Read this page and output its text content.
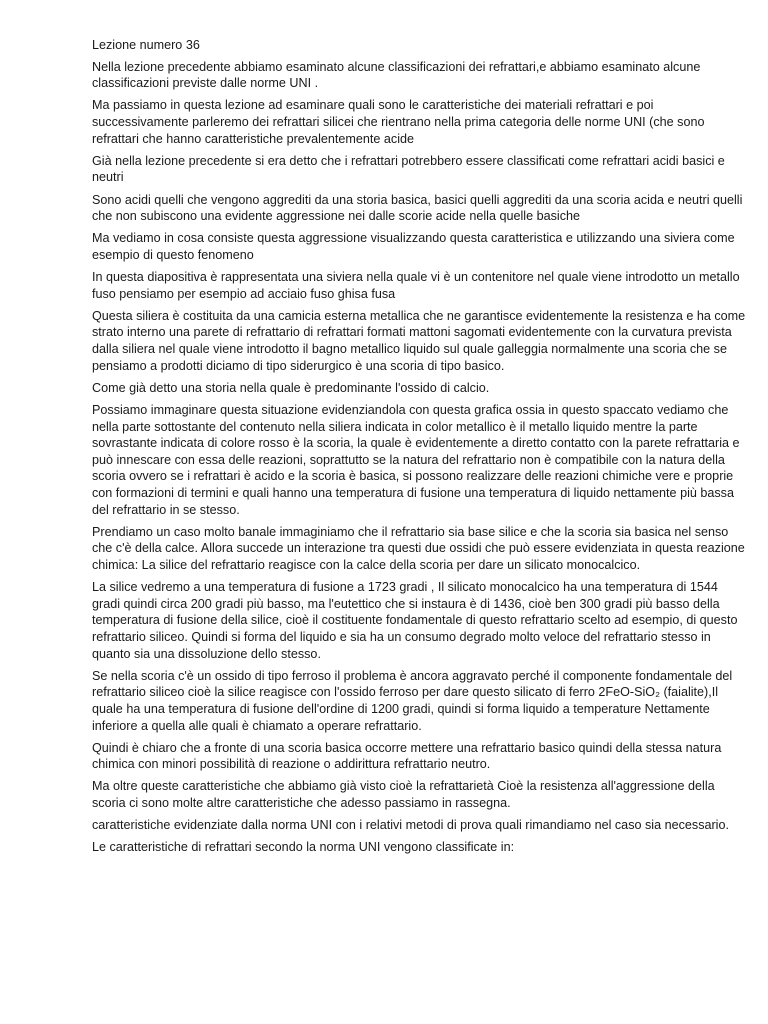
Lezione numero 36

Nella lezione precedente abbiamo esaminato alcune classificazioni dei refrattari,e abbiamo esaminato alcune classificazioni previste dalle norme UNI .

Ma passiamo in questa lezione ad esaminare quali sono le caratteristiche dei materiali refrattari e poi successivamente parleremo dei refrattari silicei che rientrano nella prima categoria delle norme UNI (che sono refrattari che hanno caratteristiche prevalentemente acide

Già nella lezione precedente si era detto che i refrattari potrebbero essere classificati come refrattari acidi basici e neutri

Sono acidi quelli che vengono aggrediti da una storia basica, basici quelli aggrediti da una scoria acida e neutri quelli che non subiscono una evidente aggressione nei dalle scorie acide nella quelle basiche

Ma vediamo in cosa consiste questa aggressione visualizzando questa caratteristica e utilizzando una siviera come esempio di questo fenomeno

In questa diapositiva è rappresentata una siviera nella quale vi è un contenitore nel quale viene introdotto un metallo fuso pensiamo per esempio ad acciaio fuso ghisa fusa

Questa siliera è costituita da una camicia esterna metallica che ne garantisce evidentemente la resistenza e ha come strato interno una parete di refrattario di refrattari formati mattoni sagomati evidentemente con la curvatura prevista dalla siliera nel quale viene introdotto il bagno metallico liquido sul quale galleggia normalmente una scoria che se pensiamo a prodotti diciamo di tipo siderurgico è una scoria di tipo basico.

Come già detto una storia nella quale è predominante l'ossido di calcio.

Possiamo immaginare questa situazione evidenziandola con questa grafica ossia in questo spaccato vediamo che nella parte sottostante del contenuto nella siliera indicata in color metallico è il metallo liquido mentre la parte sovrastante indicata di colore rosso è la scoria, la quale è evidentemente a diretto contatto con la parete refrattaria e può innescare con essa delle reazioni, soprattutto se la natura del refrattario non è compatibile con la natura della scoria ovvero se i refrattari è acido e la scoria è basica, si possono realizzare delle reazioni chimiche vere e proprie con formazioni di termini e quali hanno una temperatura di fusione una temperatura di liquido nettamente più bassa del refrattario in se stesso.

Prendiamo un caso molto banale immaginiamo che il refrattario sia base silice e che la scoria sia basica nel senso che c'è della calce. Allora succede un interazione tra questi due ossidi che può essere evidenziata in questa reazione chimica: La silice del refrattario reagisce con la calce della scoria per dare un silicato monocalcico.

La silice vedremo a una temperatura di fusione a 1723 gradi , Il silicato monocalcico ha una temperatura di 1544 gradi quindi circa 200 gradi più basso, ma l'eutettico che si instaura è di 1436, cioè ben 300 gradi più basso della temperatura di fusione della silice, cioè il costituente fondamentale di questo refrattario scelto ad esempio, di questo refrattario siliceo. Quindi si forma del liquido e sia ha un consumo degrado molto veloce del refrattario stesso in quanto sia una dissoluzione dello stesso.

Se nella scoria c'è un ossido di tipo ferroso il problema è ancora aggravato perché il componente fondamentale del refrattario siliceo cioè la silice reagisce con l'ossido ferroso per dare questo silicato di ferro 2FeO-SiO₂ (faialite),Il quale ha una temperatura di fusione dell'ordine di 1200 gradi, quindi si forma liquido a temperature Nettamente inferiore a quella alle quali è chiamato a operare refrattario.

Quindi è chiaro che a fronte di una scoria basica occorre mettere una refrattario basico quindi della stessa natura chimica con minori possibilità di reazione o addirittura refrattario neutro.

Ma oltre queste caratteristiche che abbiamo già visto cioè la refrattarietà Cioè la resistenza all'aggressione della scoria ci sono molte altre caratteristiche che adesso passiamo in rassegna.

caratteristiche evidenziate dalla norma UNI con i relativi metodi di prova quali rimandiamo nel caso sia necessario.

Le caratteristiche di refrattari secondo la norma UNI vengono classificate in:
